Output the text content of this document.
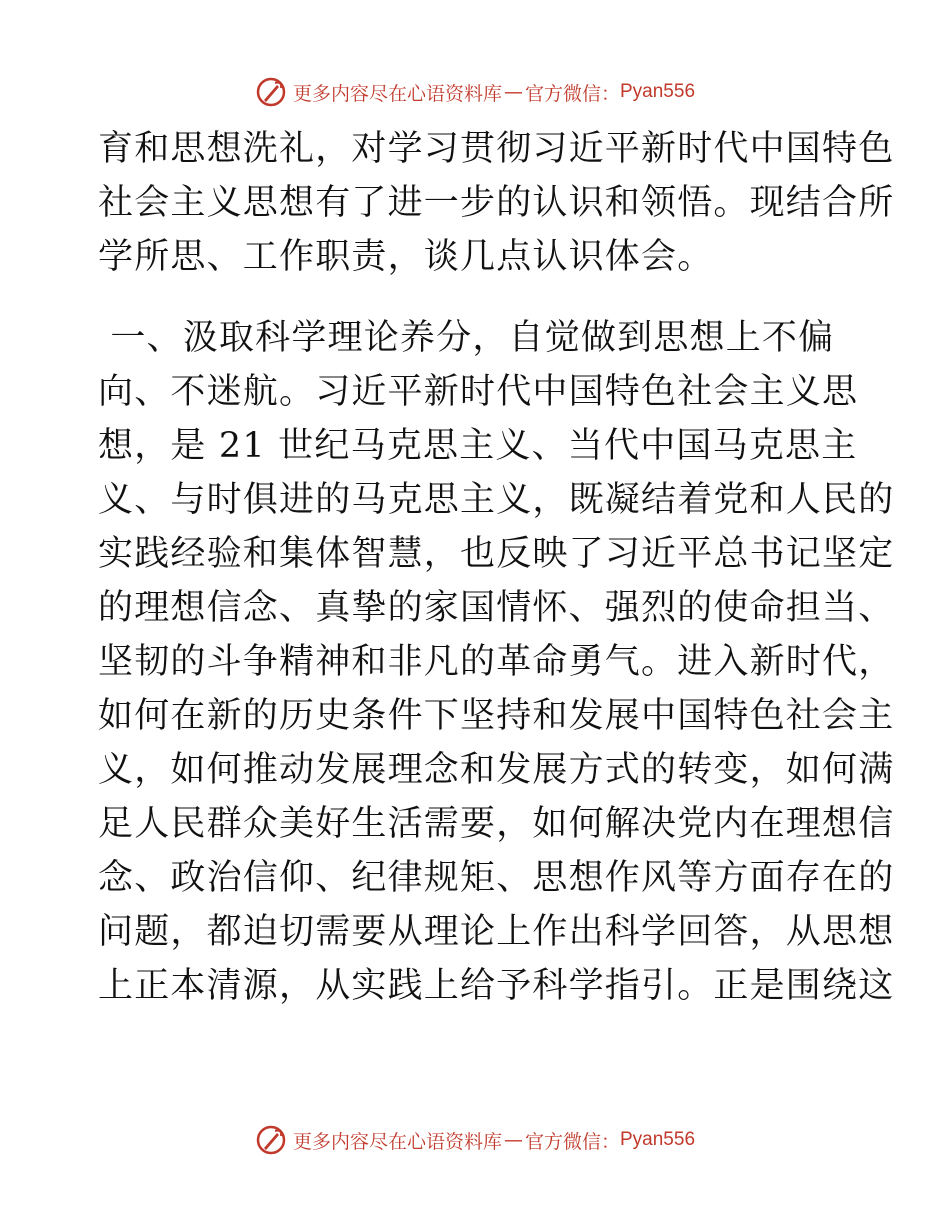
更多内容尽在心语资料库 — 官方微信： Pyan556
育和思想洗礼，对学习贯彻习近平新时代中国特色
社会主义思想有了进一步的认识和领悟。现结合所
学所思、工作职责，谈几点认识体会。
一、汲取科学理论养分，自觉做到思想上不偏
向、不迷航。习近平新时代中国特色社会主义思
想，是 21 世纪马克思主义、当代中国马克思主
义、与时俱进的马克思主义，既凝结着党和人民的
实践经验和集体智慧，也反映了习近平总书记坚定
的理想信念、真挚的家国情怀、强烈的使命担当、
坚韧的斗争精神和非凡的革命勇气。进入新时代，
如何在新的历史条件下坚持和发展中国特色社会主
义，如何推动发展理念和发展方式的转变，如何满
足人民群众美好生活需要，如何解决党内在理想信
念、政治信仰、纪律规矩、思想作风等方面存在的
问题，都迫切需要从理论上作出科学回答，从思想
上正本清源，从实践上给予科学指引。正是围绕这
更多内容尽在心语资料库 — 官方微信： Pyan556
